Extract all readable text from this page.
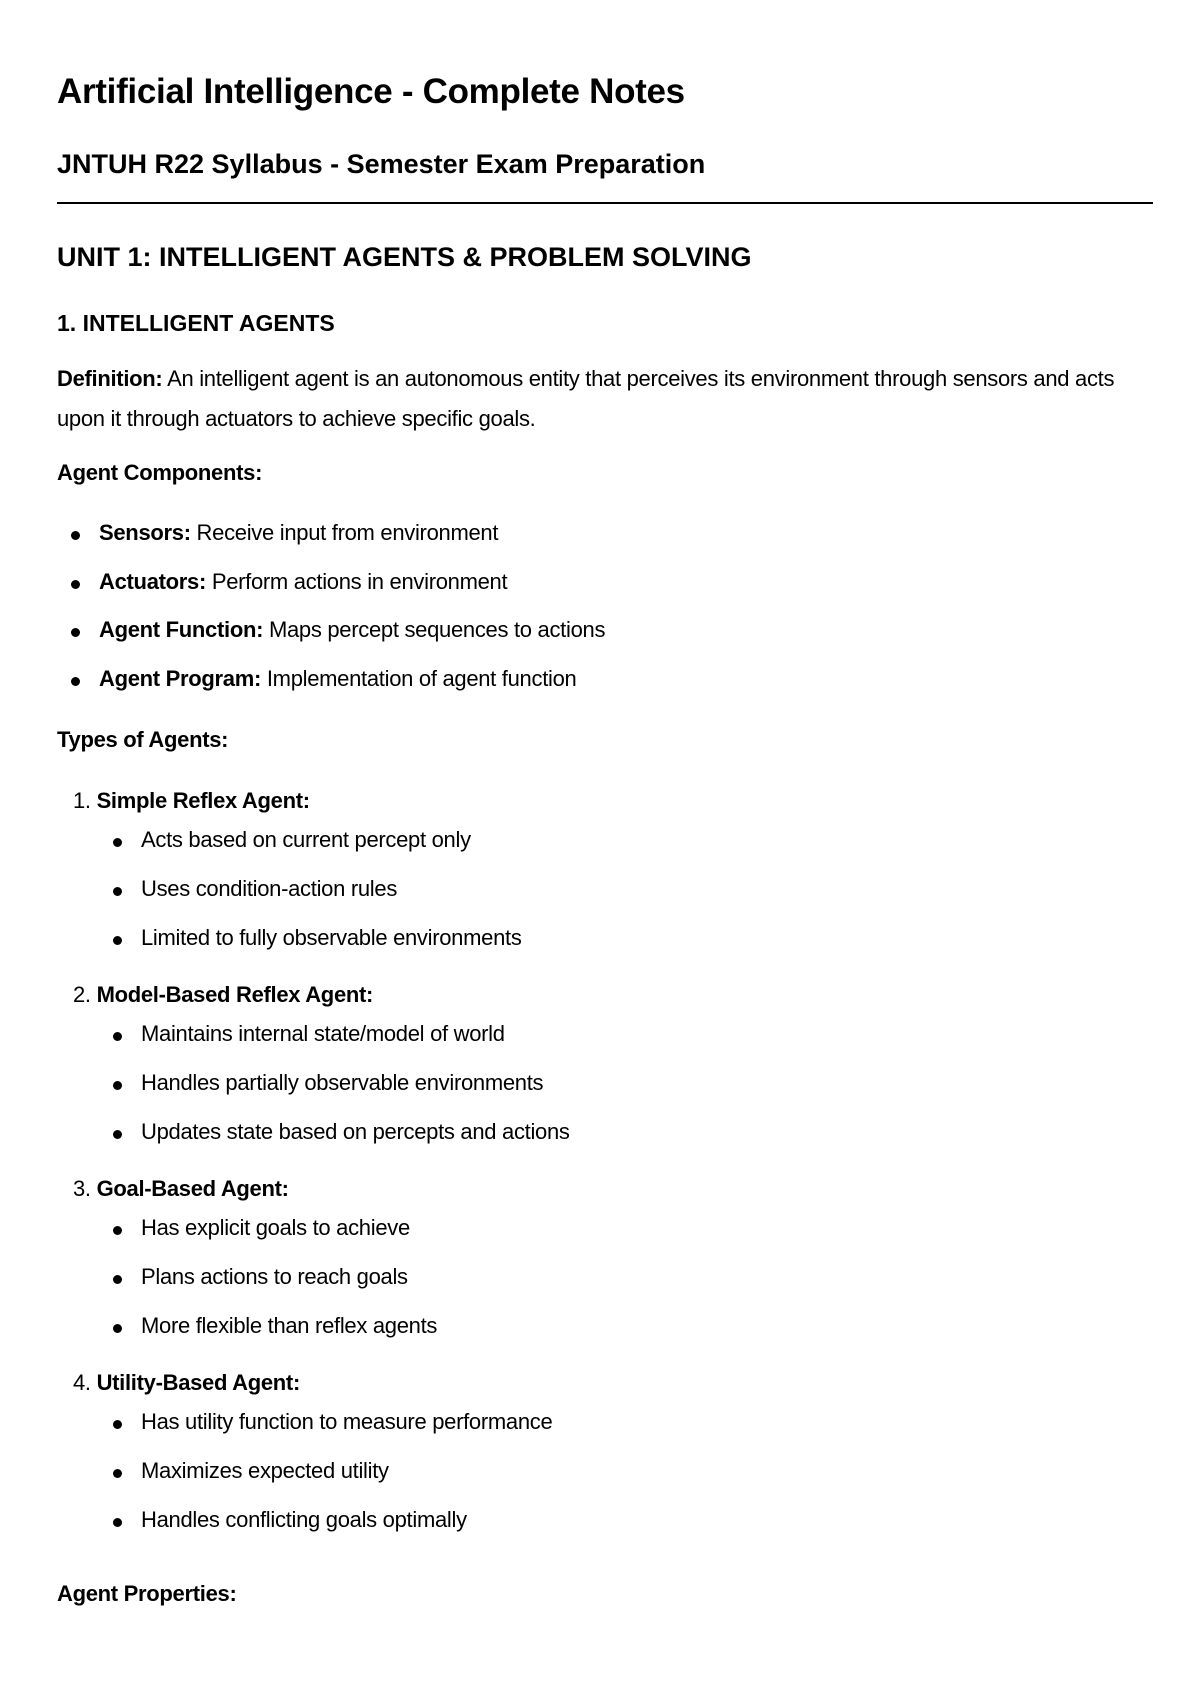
Artificial Intelligence - Complete Notes
JNTUH R22 Syllabus - Semester Exam Preparation
UNIT 1: INTELLIGENT AGENTS & PROBLEM SOLVING
1. INTELLIGENT AGENTS

Definition: An intelligent agent is an autonomous entity that perceives its environment through sensors and acts upon it through actuators to achieve specific goals.

Agent Components:

Sensors: Receive input from environment

Actuators: Perform actions in environment

Agent Function: Maps percept sequences to actions

Agent Program: Implementation of agent function

Types of Agents:

1. Simple Reflex Agent:

Acts based on current percept only

Uses condition-action rules

Limited to fully observable environments

2. Model-Based Reflex Agent:

Maintains internal state/model of world

Handles partially observable environments

Updates state based on percepts and actions

3. Goal-Based Agent:

Has explicit goals to achieve

Plans actions to reach goals

More flexible than reflex agents

4. Utility-Based Agent:

Has utility function to measure performance

Maximizes expected utility

Handles conflicting goals optimally

Agent Properties:
